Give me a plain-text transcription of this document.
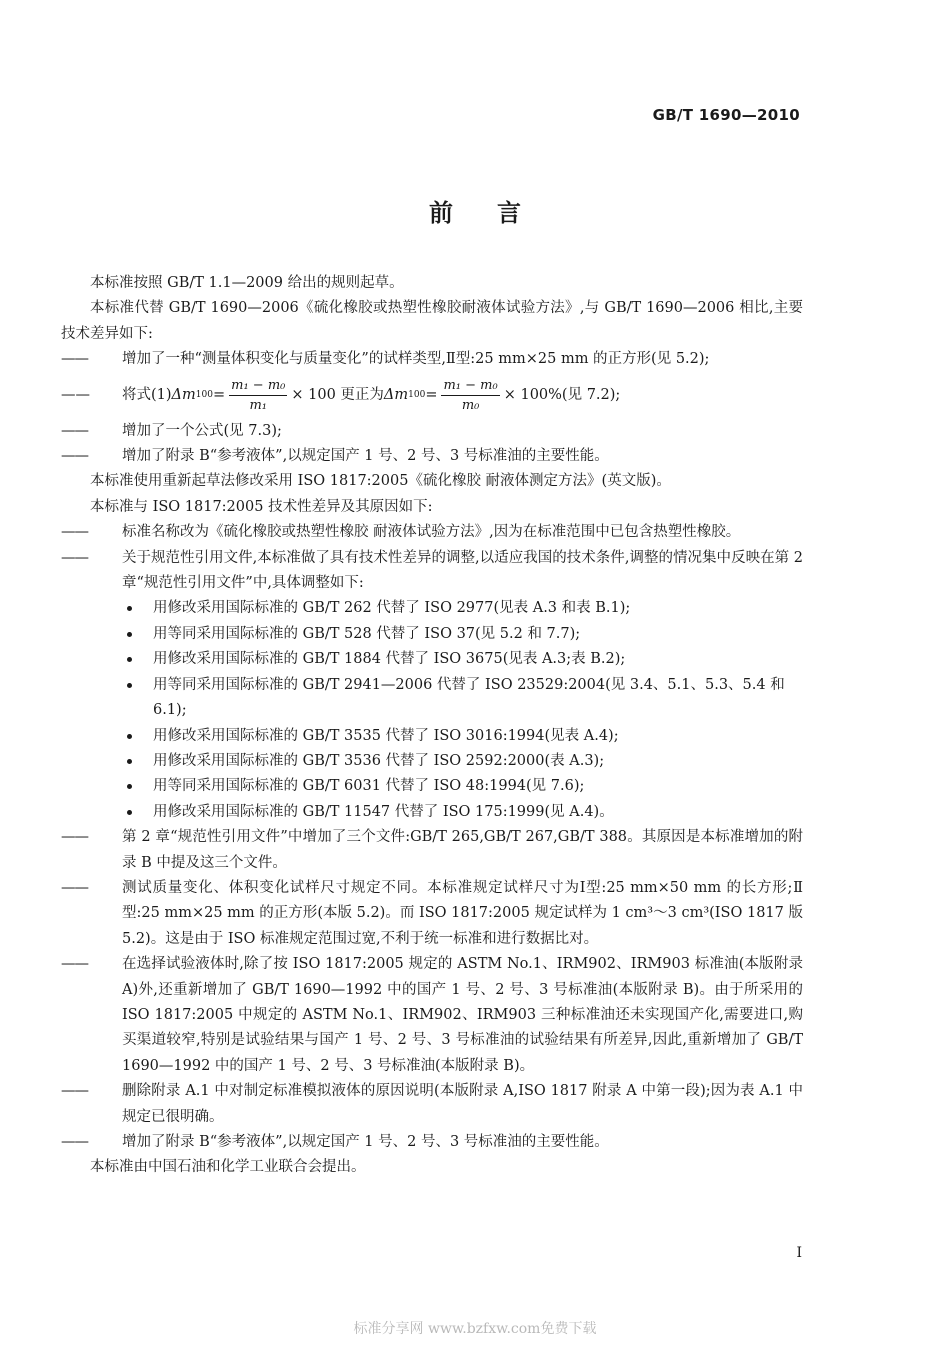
GB/T 1690—2010
前 言

本标准按照 GB/T 1.1—2009 给出的规则起草。

本标准代替 GB/T 1690—2006《硫化橡胶或热塑性橡胶耐液体试验方法》,与 GB/T 1690—2006 相比,主要技术差异如下:

——	增加了一种“测量体积变化与质量变化”的试样类型,Ⅱ型:25 mm×25 mm 的正方形(见 5.2);

——	将式(1) Δm $100 = \frac{\text{m₁ − m₀}}{\text{m₁}} \times 100$ 更正为 Δm $100 = \frac{\text{m₁ − m₀}}{\text{m₀}} \times 100\%$(见 7.2);

——	增加了一个公式(见 7.3);

——	增加了附录 B“参考液体”,以规定国产 1 号、2 号、3 号标准油的主要性能。

本标准使用重新起草法修改采用 ISO 1817:2005《硫化橡胶 耐液体测定方法》(英文版)。

本标准与 ISO 1817:2005 技术性差异及其原因如下:

——	标准名称改为《硫化橡胶或热塑性橡胶 耐液体试验方法》,因为在标准范围中已包含热塑性橡胶。

——	关于规范性引用文件,本标准做了具有技术性差异的调整,以适应我国的技术条件,调整的情况集中反映在第 2 章“规范性引用文件”中,具体调整如下:

用修改采用国际标准的 GB/T 262 代替了 ISO 2977(见表 A.3 和表 B.1);
用等同采用国际标准的 GB/T 528 代替了 ISO 37(见 5.2 和 7.7);
用修改采用国际标准的 GB/T 1884 代替了 ISO 3675(见表 A.3;表 B.2);
用等同采用国际标准的 GB/T 2941—2006 代替了 ISO 23529:2004(见 3.4、5.1、5.3、5.4 和 6.1);
用修改采用国际标准的 GB/T 3535 代替了 ISO 3016:1994(见表 A.4);
用修改采用国际标准的 GB/T 3536 代替了 ISO 2592:2000(表 A.3);
用等同采用国际标准的 GB/T 6031 代替了 ISO 48:1994(见 7.6);
用修改采用国际标准的 GB/T 11547 代替了 ISO 175:1999(见 A.4)。

——	第 2 章“规范性引用文件”中增加了三个文件:GB/T 265,GB/T 267,GB/T 388。其原因是本标准增加的附录 B 中提及这三个文件。

——	测试质量变化、体积变化试样尺寸规定不同。本标准规定试样尺寸为Ⅰ型:25 mm×50 mm 的长方形;Ⅱ型:25 mm×25 mm 的正方形(本版 5.2)。而 ISO 1817:2005 规定试样为 1 cm³～3 cm³(ISO 1817 版 5.2)。这是由于 ISO 标准规定范围过宽,不利于统一标准和进行数据比对。

——	在选择试验液体时,除了按 ISO 1817:2005 规定的 ASTM No.1、IRM902、IRM903 标准油(本版附录 A)外,还重新增加了 GB/T 1690—1992 中的国产 1 号、2 号、3 号标准油(本版附录 B)。由于所采用的 ISO 1817:2005 中规定的 ASTM No.1、IRM902、IRM903 三种标准油还未实现国产化,需要进口,购买渠道较窄,特别是试验结果与国产 1 号、2 号、3 号标准油的试验结果有所差异,因此,重新增加了 GB/T 1690—1992 中的国产 1 号、2 号、3 号标准油(本版附录 B)。

——	删除附录 A.1 中对制定标准模拟液体的原因说明(本版附录 A,ISO 1817 附录 A 中第一段);因为表 A.1 中规定已很明确。

——	增加了附录 B“参考液体”,以规定国产 1 号、2 号、3 号标准油的主要性能。

本标准由中国石油和化学工业联合会提出。

I
标准分享网 www.bzfxw.com免费下载
